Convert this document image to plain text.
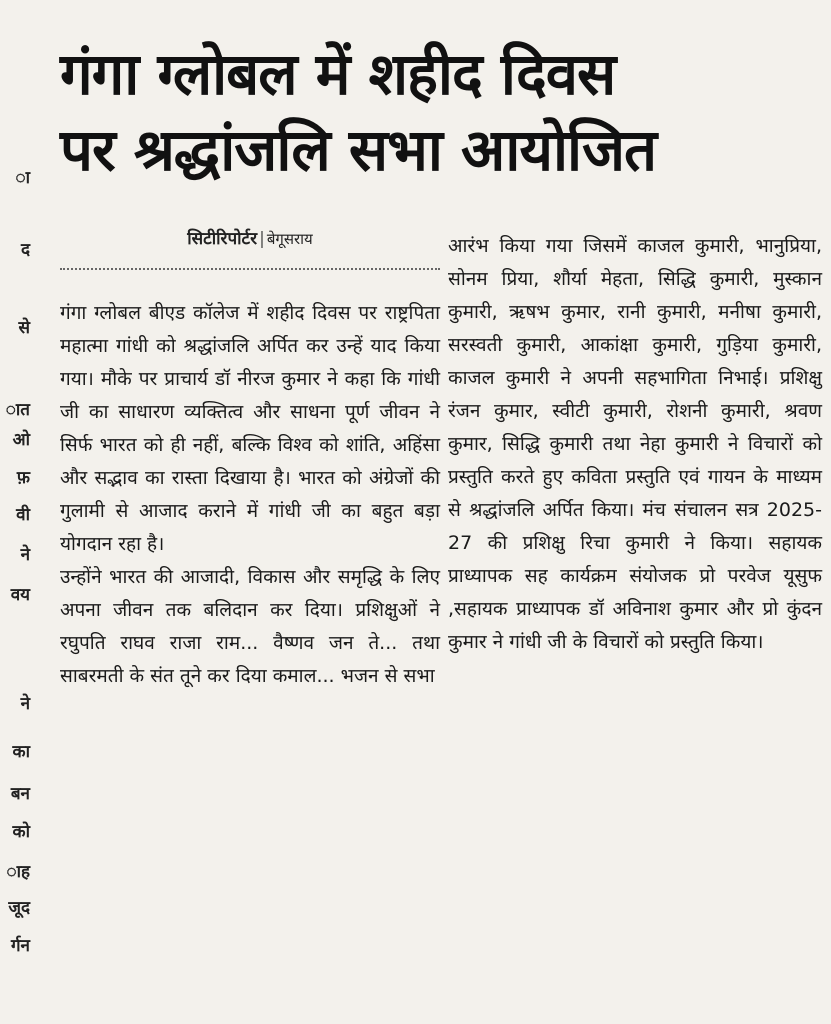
ा
द
से
ात
ओ
फ़
वी
ने
वय
ने
का
बन
को
ाह
जूद
र्गन
गंगा ग्लोबल में शहीद दिवस
पर श्रद्धांजलि सभा आयोजित
सिटीरिपोर्टर | बेगूसराय

गंगा ग्लोबल बीएड कॉलेज में शहीद दिवस पर राष्ट्रपिता महात्मा गांधी को श्रद्धांजलि अर्पित कर उन्हें याद किया गया। मौके पर प्राचार्य डॉ नीरज कुमार ने कहा कि गांधी जी का साधारण व्यक्तित्व और साधना पूर्ण जीवन ने सिर्फ भारत को ही नहीं, बल्कि विश्व को शांति, अहिंसा और सद्भाव का रास्ता दिखाया है। भारत को अंग्रेजों की गुलामी से आजाद कराने में गांधी जी का बहुत बड़ा योगदान रहा है।

उन्होंने भारत की आजादी, विकास और समृद्धि के लिए अपना जीवन तक बलिदान कर दिया। प्रशिक्षुओं ने रघुपति राघव राजा राम... वैष्णव जन ते... तथा साबरमती के संत तूने कर दिया कमाल... भजन से सभा

आरंभ किया गया जिसमें काजल कुमारी, भानुप्रिया, सोनम प्रिया, शौर्या मेहता, सिद्धि कुमारी, मुस्कान कुमारी, ऋषभ कुमार, रानी कुमारी, मनीषा कुमारी, सरस्वती कुमारी, आकांक्षा कुमारी, गुड़िया कुमारी, काजल कुमारी ने अपनी सहभागिता निभाई। प्रशिक्षु रंजन कुमार, स्वीटी कुमारी, रोशनी कुमारी, श्रवण कुमार, सिद्धि कुमारी तथा नेहा कुमारी ने विचारों को प्रस्तुति करते हुए कविता प्रस्तुति एवं गायन के माध्यम से श्रद्धांजलि अर्पित किया। मंच संचालन सत्र 2025-27 की प्रशिक्षु रिचा कुमारी ने किया। सहायक प्राध्यापक सह कार्यक्रम संयोजक प्रो परवेज यूसुफ ,सहायक प्राध्यापक डॉ अविनाश कुमार और प्रो कुंदन कुमार ने गांधी जी के विचारों को प्रस्तुति किया।
